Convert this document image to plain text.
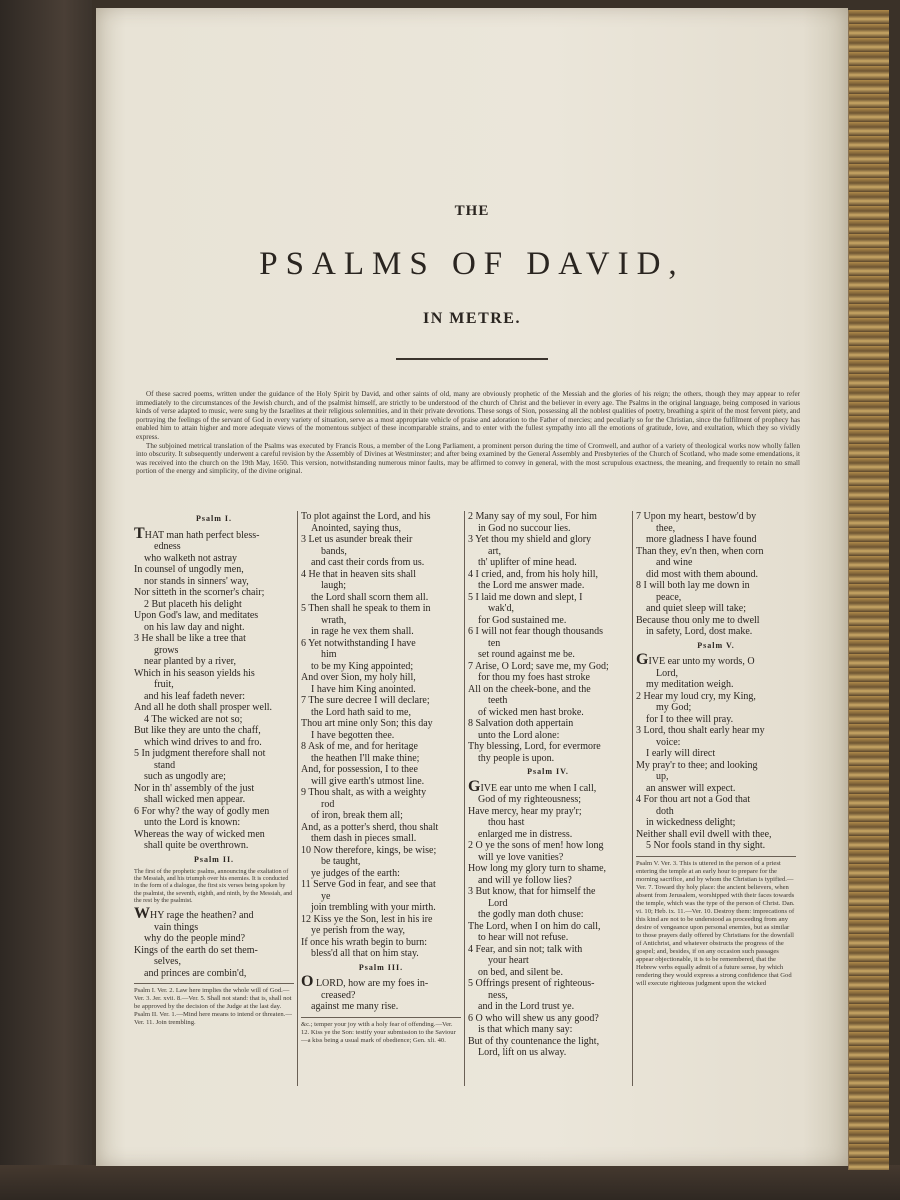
THE
PSALMS OF DAVID,
IN METRE.

Of these sacred poems, written under the guidance of the Holy Spirit by David, and other saints of old, many are obviously prophetic of the Messiah and the glories of his reign; the others, though they may appear to refer immediately to the circumstances of the Jewish church, and of the psalmist himself, are strictly to be understood of the church of Christ and the believer in every age. The Psalms in the original language, being composed in various kinds of verse adapted to music, were sung by the Israelites at their religious solemnities, and in their private devotions. These songs of Sion, possessing all the noblest qualities of poetry, breathing a spirit of the most fervent piety, and portraying the feelings of the servant of God in every variety of situation, serve as a most appropriate vehicle of praise and adoration to the Father of mercies; and peculiarly so for the Christian, since the fulfilment of prophecy has enabled him to attain higher and more adequate views of the momentous subject of these incomparable strains, and to enter with the fullest sympathy into all the emotions of gratitude, love, and exultation, which they so vividly express.

The subjoined metrical translation of the Psalms was executed by Francis Rous, a member of the Long Parliament, a prominent person during the time of Cromwell, and author of a variety of theological works now wholly fallen into obscurity. It subsequently underwent a careful revision by the Assembly of Divines at Westminster; and after being examined by the General Assembly and Presbyteries of the Church of Scotland, who made some emendations, it was received into the church on the 19th May, 1650. This version, notwithstanding numerous minor faults, may be affirmed to convey in general, with the most scrupulous exactness, the meaning, and frequently to retain no small portion of the energy and simplicity, of the divine original.

Psalm I.
THAT man hath perfect bless-
edness
who walketh not astray
In counsel of ungodly men,
nor stands in sinners' way,
Nor sitteth in the scorner's chair;
2 But placeth his delight
Upon God's law, and meditates
on his law day and night.
3 He shall be like a tree that
grows
near planted by a river,
Which in his season yields his
fruit,
and his leaf fadeth never:
And all he doth shall prosper well.
4 The wicked are not so;
But like they are unto the chaff,
which wind drives to and fro.
5 In judgment therefore shall not
stand
such as ungodly are;
Nor in th' assembly of the just
shall wicked men appear.
6 For why? the way of godly men
unto the Lord is known:
Whereas the way of wicked men
shall quite be overthrown.
Psalm II.
The first of the prophetic psalms, announcing the exaltation of the Messiah, and his triumph over his enemies. It is conducted in the form of a dialogue, the first six verses being spoken by the psalmist, the seventh, eighth, and ninth, by the Messiah, and the rest by the psalmist.
WHY rage the heathen? and
vain things
why do the people mind?
Kings of the earth do set them-
selves,
and princes are combin'd,
Psalm I. Ver. 2. Law here implies the whole will of God.—Ver. 3. Jer. xvii. 8.—Ver. 5. Shall not stand: that is, shall not be approved by the decision of the Judge at the last day. Psalm II. Ver. 1.—Mind here means to intend or threaten.—Ver. 11. Join trembling.
To plot against the Lord, and his
Anointed, saying thus,
3 Let us asunder break their
bands,
and cast their cords from us.
4 He that in heaven sits shall
laugh;
the Lord shall scorn them all.
5 Then shall he speak to them in
wrath,
in rage he vex them shall.
6 Yet notwithstanding I have
him
to be my King appointed;
And over Sion, my holy hill,
I have him King anointed.
7 The sure decree I will declare;
the Lord hath said to me,
Thou art mine only Son; this day
I have begotten thee.
8 Ask of me, and for heritage
the heathen I'll make thine;
And, for possession, I to thee
will give earth's utmost line.
9 Thou shalt, as with a weighty
rod
of iron, break them all;
And, as a potter's sherd, thou shalt
them dash in pieces small.
10 Now therefore, kings, be wise;
be taught,
ye judges of the earth:
11 Serve God in fear, and see that
ye
join trembling with your mirth.
12 Kiss ye the Son, lest in his ire
ye perish from the way,
If once his wrath begin to burn:
bless'd all that on him stay.
Psalm III.
O LORD, how are my foes in-
creased?
against me many rise.
&c.; temper your joy with a holy fear of offending.—Ver. 12. Kiss ye the Son: testify your submission to the Saviour—a kiss being a usual mark of obedience; Gen. xli. 40.
2 Many say of my soul, For him
in God no succour lies.
3 Yet thou my shield and glory
art,
th' uplifter of mine head.
4 I cried, and, from his holy hill,
the Lord me answer made.
5 I laid me down and slept, I
wak'd,
for God sustained me.
6 I will not fear though thousands
ten
set round against me be.
7 Arise, O Lord; save me, my God;
for thou my foes hast stroke
All on the cheek-bone, and the
teeth
of wicked men hast broke.
8 Salvation doth appertain
unto the Lord alone:
Thy blessing, Lord, for evermore
thy people is upon.
Psalm IV.
GIVE ear unto me when I call,
God of my righteousness;
Have mercy, hear my pray'r;
thou hast
enlarged me in distress.
2 O ye the sons of men! how long
will ye love vanities?
How long my glory turn to shame,
and will ye follow lies?
3 But know, that for himself the
Lord
the godly man doth chuse:
The Lord, when I on him do call,
to hear will not refuse.
4 Fear, and sin not; talk with
your heart
on bed, and silent be.
5 Offrings present of righteous-
ness,
and in the Lord trust ye.
6 O who will shew us any good?
is that which many say:
But of thy countenance the light,
Lord, lift on us alway.
7 Upon my heart, bestow'd by
thee,
more gladness I have found
Than they, ev'n then, when corn
and wine
did most with them abound.
8 I will both lay me down in
peace,
and quiet sleep will take;
Because thou only me to dwell
in safety, Lord, dost make.
Psalm V.
GIVE ear unto my words, O
Lord,
my meditation weigh.
2 Hear my loud cry, my King,
my God;
for I to thee will pray.
3 Lord, thou shalt early hear my
voice:
I early will direct
My pray'r to thee; and looking
up,
an answer will expect.
4 For thou art not a God that
doth
in wickedness delight;
Neither shall evil dwell with thee,
5 Nor fools stand in thy sight.
Psalm V. Ver. 3. This is uttered in the person of a priest entering the temple at an early hour to prepare for the morning sacrifice, and by whom the Christian is typified.—Ver. 7. Toward thy holy place: the ancient believers, when absent from Jerusalem, worshipped with their faces towards the temple, which was the type of the person of Christ. Dan. vi. 10; Heb. ix. 11.—Ver. 10. Destroy them: imprecations of this kind are not to be understood as proceeding from any desire of vengeance upon personal enemies, but as similar to those prayers daily offered by Christians for the downfall of Antichrist, and whatever obstructs the progress of the gospel; and, besides, if on any occasion such passages appear objectionable, it is to be remembered, that the Hebrew verbs equally admit of a future sense, by which rendering they would express a strong confidence that God will execute righteous judgment upon the wicked
